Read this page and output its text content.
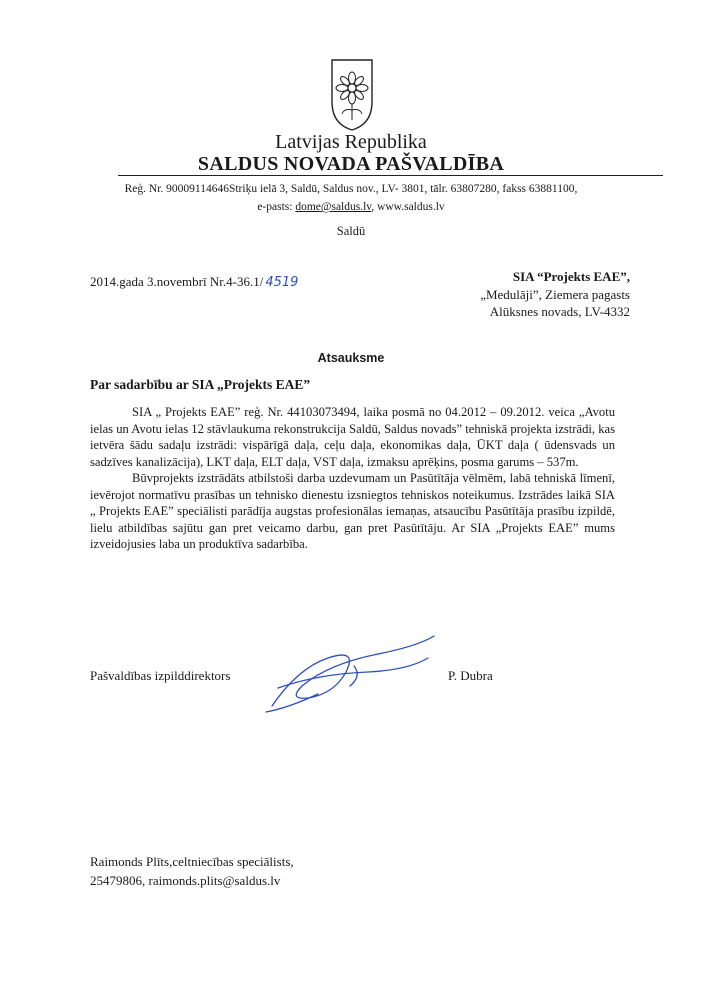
Latvijas Republika
SALDUS NOVADA PAŠVALDĪBA
Reģ. Nr. 90009114646Striķu ielā 3, Saldū, Saldus nov., LV- 3801, tālr. 63807280, fakss 63881100,
e-pasts: dome@saldus.lv, www.saldus.lv
Saldū
2014.gada 3.novembrī Nr.4-36.1/ 4519	SIA “Projekts EAE”,
„Medulāji”, Ziemera pagasts
Alūksnes novads, LV-4332
Atsauksme
Par sadarbību ar SIA „Projekts EAE”

SIA „ Projekts EAE” reģ. Nr. 44103073494, laika posmā no 04.2012 – 09.2012. veica „Avotu ielas un Avotu ielas 12 stāvlaukuma rekonstrukcija Saldū, Saldus novads” tehniskā projekta izstrādi, kas ietvēra šādu sadaļu izstrādi: vispārīgā daļa, ceļu daļa, ekonomikas daļa, ŪKT daļa ( ūdensvads un sadzīves kanalizācija), LKT daļa, ELT daļa, VST daļa, izmaksu aprēķins, posma garums – 537m.

Būvprojekts izstrādāts atbilstoši darba uzdevumam un Pasūtītāja vēlmēm, labā tehniskā līmenī, ievērojot normatīvu prasības un tehnisko dienestu izsniegtos tehniskos noteikumus. Izstrādes laikā SIA „ Projekts EAE” speciālisti parādīja augstas profesionālas iemaņas, atsaucību Pasūtītāja prasību izpildē, lielu atbildības sajūtu gan pret veicamo darbu, gan pret Pasūtītāju. Ar SIA „Projekts EAE” mums izveidojusies laba un produktīva sadarbība.

Pašvaldības izpilddirektors	P. Dubra
Raimonds Plīts,celtniecības speciālists,
25479806, raimonds.plits@saldus.lv
